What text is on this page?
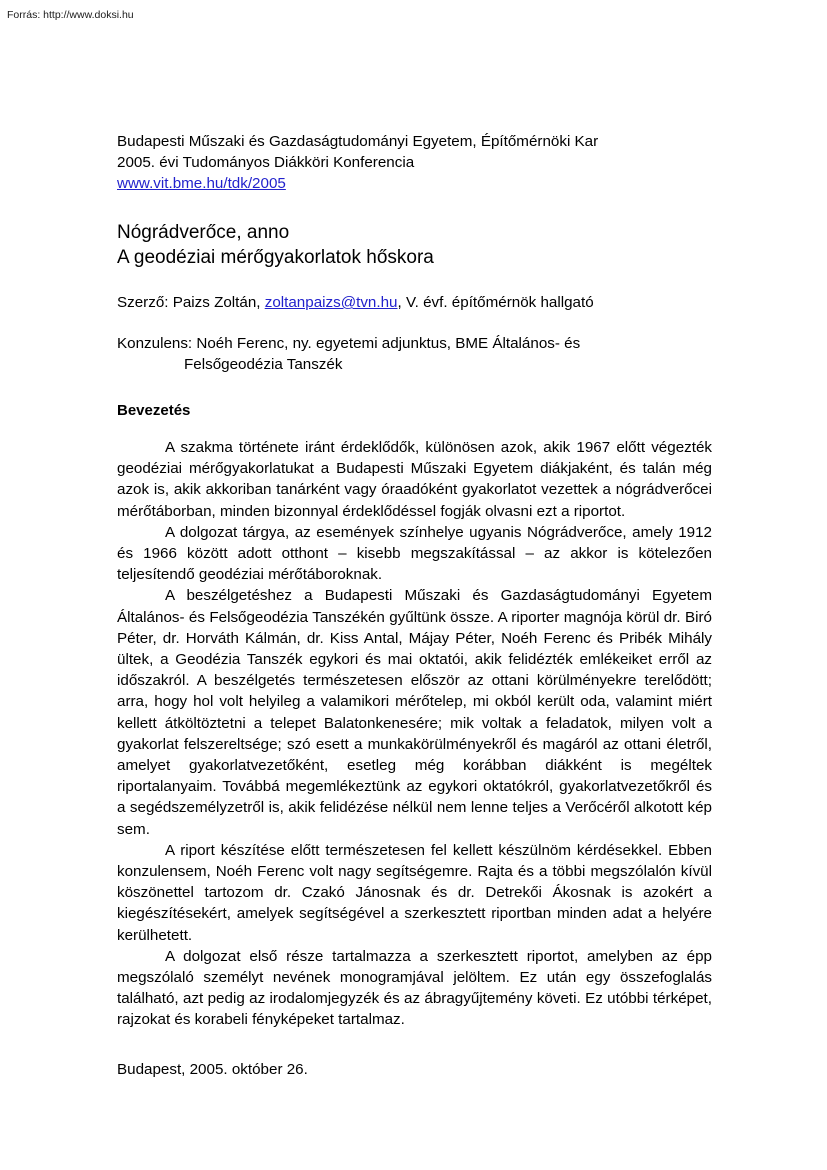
Forrás: http://www.doksi.hu
Budapesti Műszaki és Gazdaságtudományi Egyetem, Építőmérnöki Kar
2005. évi Tudományos Diákköri Konferencia
www.vit.bme.hu/tdk/2005
Nógrádverőce, anno
A geodéziai mérőgyakorlatok hőskora
Szerző: Paizs Zoltán, zoltanpaizs@tvn.hu, V. évf. építőmérnök hallgató
Konzulens: Noéh Ferenc, ny. egyetemi adjunktus, BME Általános- és
Felsőgeodézia Tanszék
Bevezetés

A szakma története iránt érdeklődők, különösen azok, akik 1967 előtt végezték geodéziai mérőgyakorlatukat a Budapesti Műszaki Egyetem diákjaként, és talán még azok is, akik akkoriban tanárként vagy óraadóként gyakorlatot vezettek a nógrádverőcei mérőtáborban, minden bizonnyal érdeklődéssel fogják olvasni ezt a riportot.

A dolgozat tárgya, az események színhelye ugyanis Nógrádverőce, amely 1912 és 1966 között adott otthont – kisebb megszakítással – az akkor is kötelezően teljesítendő geodéziai mérőtáboroknak.

A beszélgetéshez a Budapesti Műszaki és Gazdaságtudományi Egyetem Általános- és Felsőgeodézia Tanszékén gyűltünk össze. A riporter magnója körül dr. Biró Péter, dr. Horváth Kálmán, dr. Kiss Antal, Májay Péter, Noéh Ferenc és Pribék Mihály ültek, a Geodézia Tanszék egykori és mai oktatói, akik felidézték emlékeiket erről az időszakról. A beszélgetés természetesen először az ottani körülményekre terelődött; arra, hogy hol volt helyileg a valamikori mérőtelep, mi okból került oda, valamint miért kellett átköltöztetni a telepet Balatonkenesére; mik voltak a feladatok, milyen volt a gyakorlat felszereltsége; szó esett a munkakörülményekről és magáról az ottani életről, amelyet gyakorlatvezetőként, esetleg még korábban diákként is megéltek riportalanyaim. Továbbá megemlékeztünk az egykori oktatókról, gyakorlatvezetőkről és a segédszemélyzetről is, akik felidézése nélkül nem lenne teljes a Verőcéről alkotott kép sem.

A riport készítése előtt természetesen fel kellett készülnöm kérdésekkel. Ebben konzulensem, Noéh Ferenc volt nagy segítségemre. Rajta és a többi megszólalón kívül köszönettel tartozom dr. Czakó Jánosnak és dr. Detrekői Ákosnak is azokért a kiegészítésekért, amelyek segítségével a szerkesztett riportban minden adat a helyére kerülhetett.

A dolgozat első része tartalmazza a szerkesztett riportot, amelyben az épp megszólaló személyt nevének monogramjával jelöltem. Ez után egy összefoglalás található, azt pedig az irodalomjegyzék és az ábragyűjtemény követi. Ez utóbbi térképet, rajzokat és korabeli fényképeket tartalmaz.

Budapest, 2005. október 26.
